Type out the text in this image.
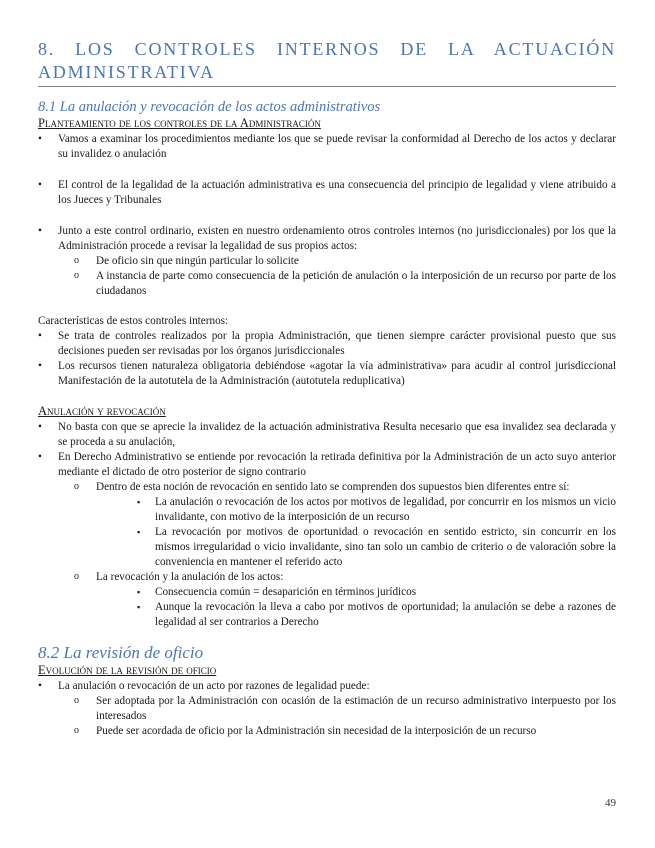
8. LOS CONTROLES INTERNOS DE LA ACTUACIÓN ADMINISTRATIVA
8.1 La anulación y revocación de los actos administrativos
Planteamiento de los controles de la Administración
• Vamos a examinar los procedimientos mediante los que se puede revisar la conformidad al Derecho de los actos y declarar su invalidez o anulación
• El control de la legalidad de la actuación administrativa es una consecuencia del principio de legalidad y viene atribuido a los Jueces y Tribunales
• Junto a este control ordinario, existen en nuestro ordenamiento otros controles internos (no jurisdiccionales) por los que la Administración procede a revisar la legalidad de sus propios actos:
o De oficio sin que ningún particular lo solicite
o A instancia de parte como consecuencia de la petición de anulación o la interposición de un recurso por parte de los ciudadanos

Características de estos controles internos:

• Se trata de controles realizados por la propia Administración, que tienen siempre carácter provisional puesto que sus decisiones pueden ser revisadas por los órganos jurisdiccionales
• Los recursos tienen naturaleza obligatoria debiéndose «agotar la vía administrativa» para acudir al control jurisdiccional Manifestación de la autotutela de la Administración (autotutela reduplicativa)
Anulación y revocación
• No basta con que se aprecie la invalidez de la actuación administrativa Resulta necesario que esa invalidez sea declarada y se proceda a su anulación,
• En Derecho Administrativo se entiende por revocación la retirada definitiva por la Administración de un acto suyo anterior mediante el dictado de otro posterior de signo contrario
o Dentro de esta noción de revocación en sentido lato se comprenden dos supuestos bien diferentes entre sí:
▪ La anulación o revocación de los actos por motivos de legalidad, por concurrir en los mismos un vicio invalidante, con motivo de la interposición de un recurso
▪ La revocación por motivos de oportunidad o revocación en sentido estricto, sin concurrir en los mismos irregularidad o vicio invalidante, sino tan solo un cambio de criterio o de valoración sobre la conveniencia en mantener el referido acto
o La revocación y la anulación de los actos:
▪ Consecuencia común = desaparición en términos jurídicos
▪ Aunque la revocación la lleva a cabo por motivos de oportunidad; la anulación se debe a razones de legalidad al ser contrarios a Derecho
8.2 La revisión de oficio
Evolución de la revisión de oficio
• La anulación o revocación de un acto por razones de legalidad puede:
o Ser adoptada por la Administración con ocasión de la estimación de un recurso administrativo interpuesto por los interesados
o Puede ser acordada de oficio por la Administración sin necesidad de la interposición de un recurso
49
